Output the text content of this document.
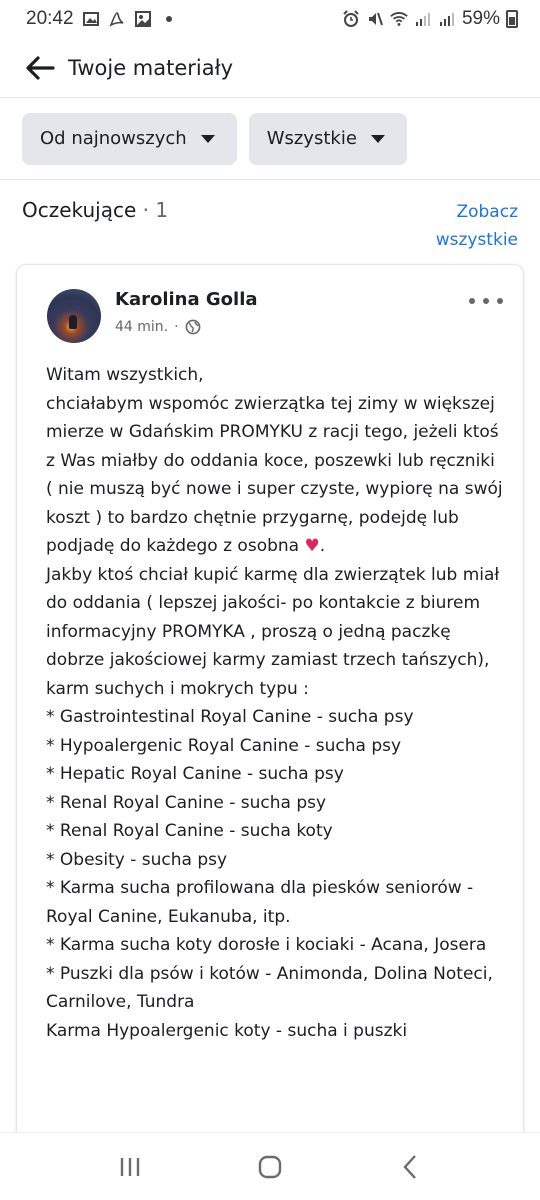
20:42	59%
Twoje materiały
Od najnowszych	Wszystkie
Oczekujące · 1	Zobacz wszystkie
Karolina Golla
44 min. ·

Witam wszystkich,
chciałabym wspomóc zwierzątka tej zimy w większej mierze w Gdańskim PROMYKU z racji tego, jeżeli ktoś z Was miałby do oddania koce, poszewki lub ręczniki ( nie muszą być nowe i super czyste, wypiorę na swój koszt ) to bardzo chętnie przygarnę, podejdę lub podjadę do każdego z osobna ♥.

Jakby ktoś chciał kupić karmę dla zwierzątek lub miał do oddania ( lepszej jakości- po kontakcie z biurem informacyjny PROMYKA , proszą o jedną paczkę dobrze jakościowej karmy zamiast trzech tańszych), karm suchych i mokrych typu :
* Gastrointestinal Royal Canine - sucha psy
* Hypoalergenic Royal Canine - sucha psy
* Hepatic Royal Canine - sucha psy
* Renal Royal Canine - sucha psy
* Renal Royal Canine - sucha koty
* Obesity - sucha psy
* Karma sucha profilowana dla piesków seniorów - Royal Canine, Eukanuba, itp.
* Karma sucha koty dorosłe i kociaki - Acana, Josera
* Puszki dla psów i kotów - Animonda, Dolina Noteci, Carnilove, Tundra
Karma Hypoalergenic koty - sucha i puszki
